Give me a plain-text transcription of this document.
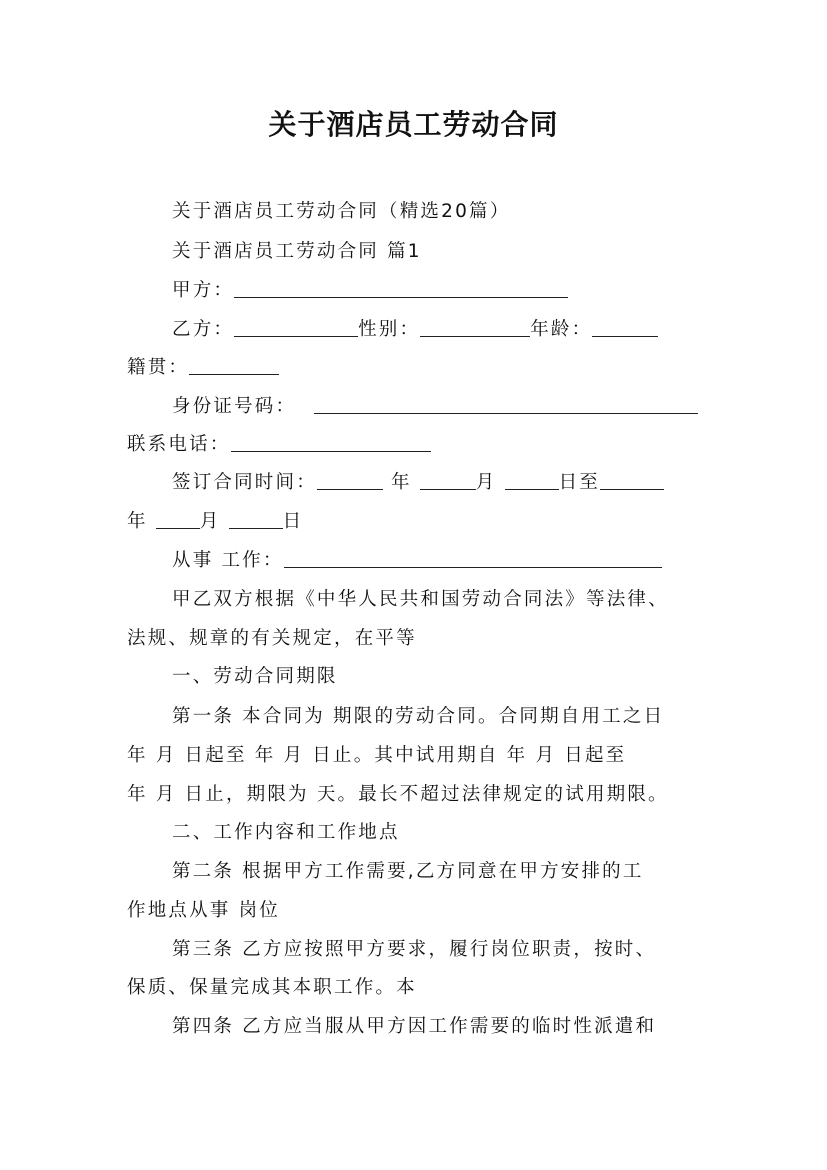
关于酒店员工劳动合同
关于酒店员工劳动合同（精选20篇）
关于酒店员工劳动合同 篇1
甲方：
乙方：	性别：	年龄：
籍贯：
身份证号码：
联系电话：
签订合同时间：	年	月	日至
年	月	日
从事 工作：
甲乙双方根据《中华人民共和国劳动合同法》等法律、
法规、规章的有关规定，在平等
一、劳动合同期限
第一条 本合同为 期限的劳动合同。合同期自用工之日
年 月 日起至 年 月 日止。其中试用期自 年 月 日起至
年 月 日止，期限为 天。最长不超过法律规定的试用期限。
二、工作内容和工作地点
第二条 根据甲方工作需要,乙方同意在甲方安排的工
作地点从事 岗位
第三条 乙方应按照甲方要求，履行岗位职责，按时、
保质、保量完成其本职工作。本
第四条 乙方应当服从甲方因工作需要的临时性派遣和
